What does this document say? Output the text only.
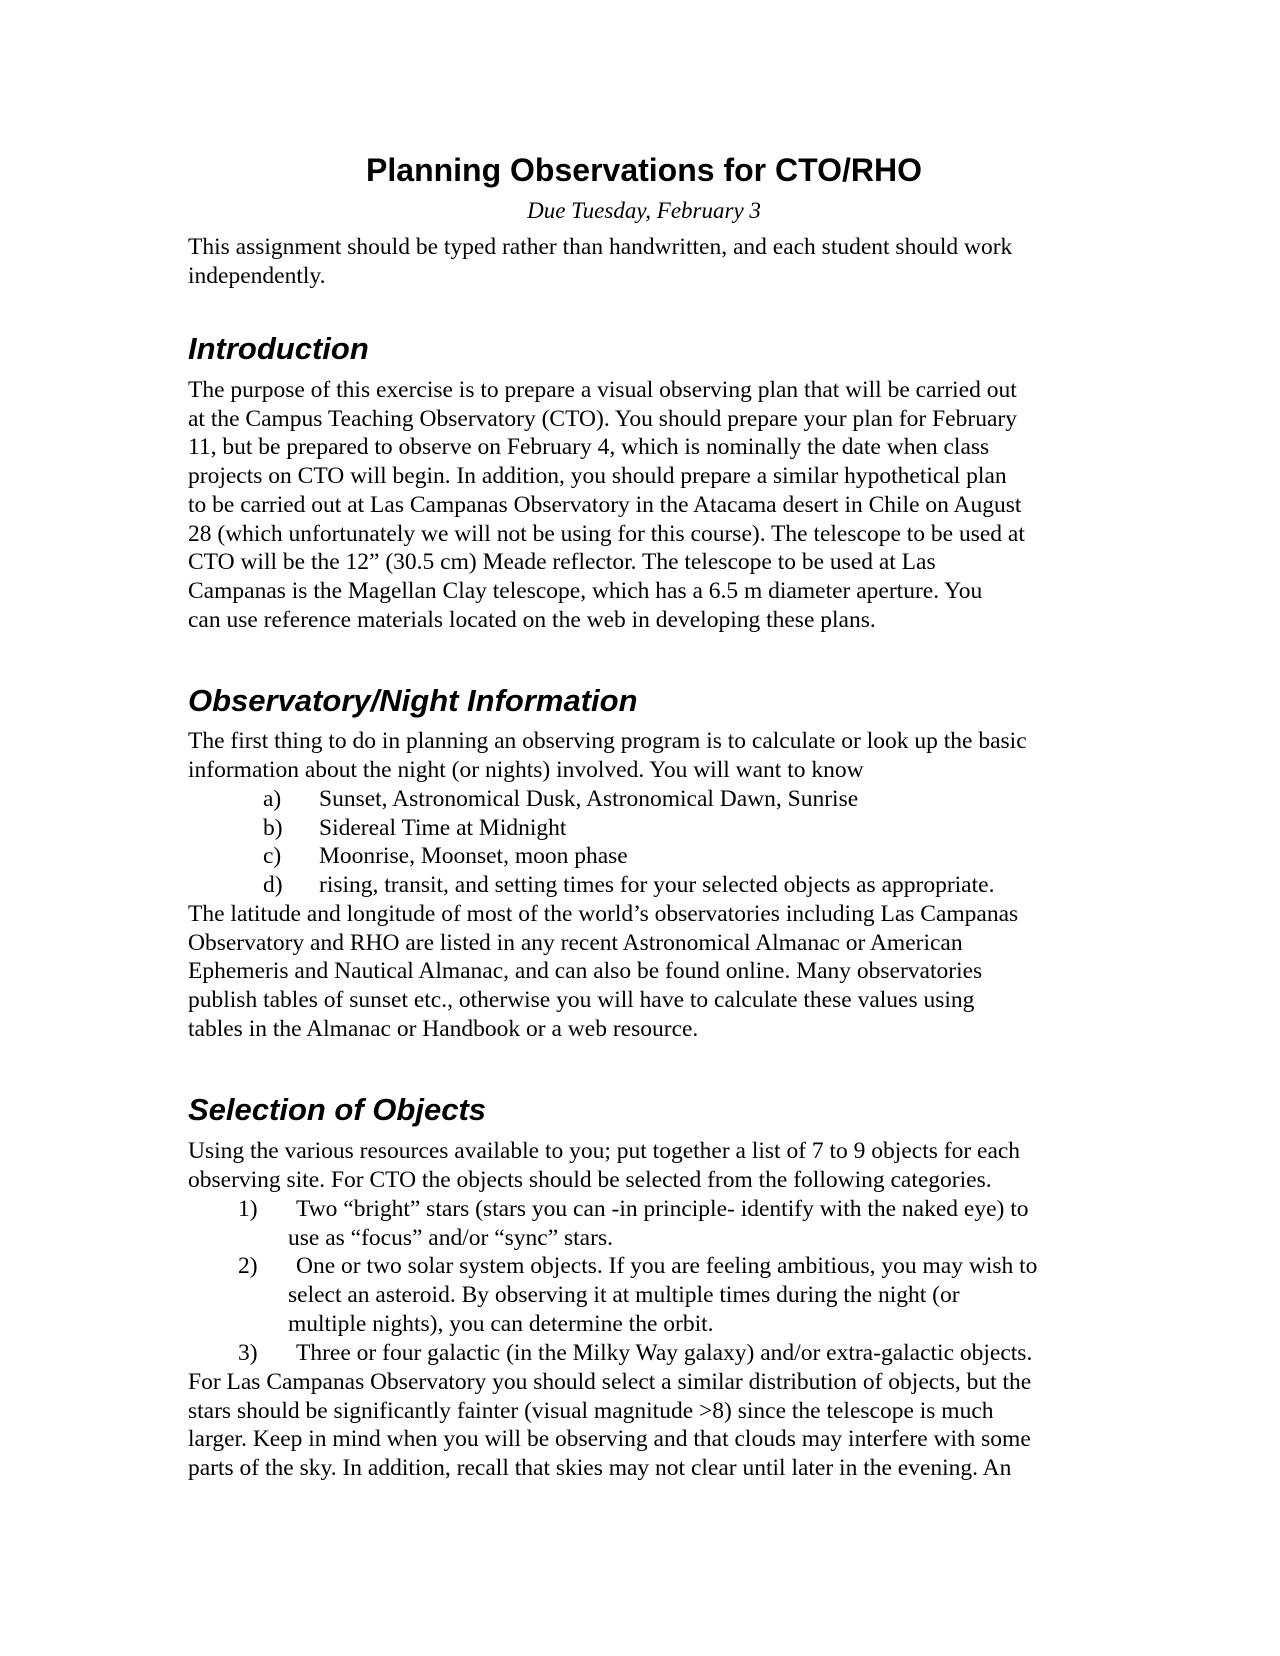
Planning Observations for CTO/RHO

Due Tuesday, February 3

This assignment should be typed rather than handwritten, and each student should work
independently.

Introduction

The purpose of this exercise is to prepare a visual observing plan that will be carried out
at the Campus Teaching Observatory (CTO). You should prepare your plan for February
11, but be prepared to observe on February 4, which is nominally the date when class
projects on CTO will begin. In addition, you should prepare a similar hypothetical plan
to be carried out at Las Campanas Observatory in the Atacama desert in Chile on August
28 (which unfortunately we will not be using for this course). The telescope to be used at
CTO will be the 12” (30.5 cm) Meade reflector. The telescope to be used at Las
Campanas is the Magellan Clay telescope, which has a 6.5 m diameter aperture. You
can use reference materials located on the web in developing these plans.

Observatory/Night Information

The first thing to do in planning an observing program is to calculate or look up the basic
information about the night (or nights) involved. You will want to know

a) Sunset, Astronomical Dusk, Astronomical Dawn, Sunrise
b) Sidereal Time at Midnight
c) Moonrise, Moonset, moon phase
d) rising, transit, and setting times for your selected objects as appropriate.

The latitude and longitude of most of the world’s observatories including Las Campanas
Observatory and RHO are listed in any recent Astronomical Almanac or American
Ephemeris and Nautical Almanac, and can also be found online. Many observatories
publish tables of sunset etc., otherwise you will have to calculate these values using
tables in the Almanac or Handbook or a web resource.

Selection of Objects

Using the various resources available to you; put together a list of 7 to 9 objects for each
observing site. For CTO the objects should be selected from the following categories.

1) Two “bright” stars (stars you can -in principle- identify with the naked eye) to
use as “focus” and/or “sync” stars.
2) One or two solar system objects. If you are feeling ambitious, you may wish to
select an asteroid. By observing it at multiple times during the night (or
multiple nights), you can determine the orbit.
3) Three or four galactic (in the Milky Way galaxy) and/or extra-galactic objects.

For Las Campanas Observatory you should select a similar distribution of objects, but the
stars should be significantly fainter (visual magnitude >8) since the telescope is much
larger. Keep in mind when you will be observing and that clouds may interfere with some
parts of the sky. In addition, recall that skies may not clear until later in the evening. An
